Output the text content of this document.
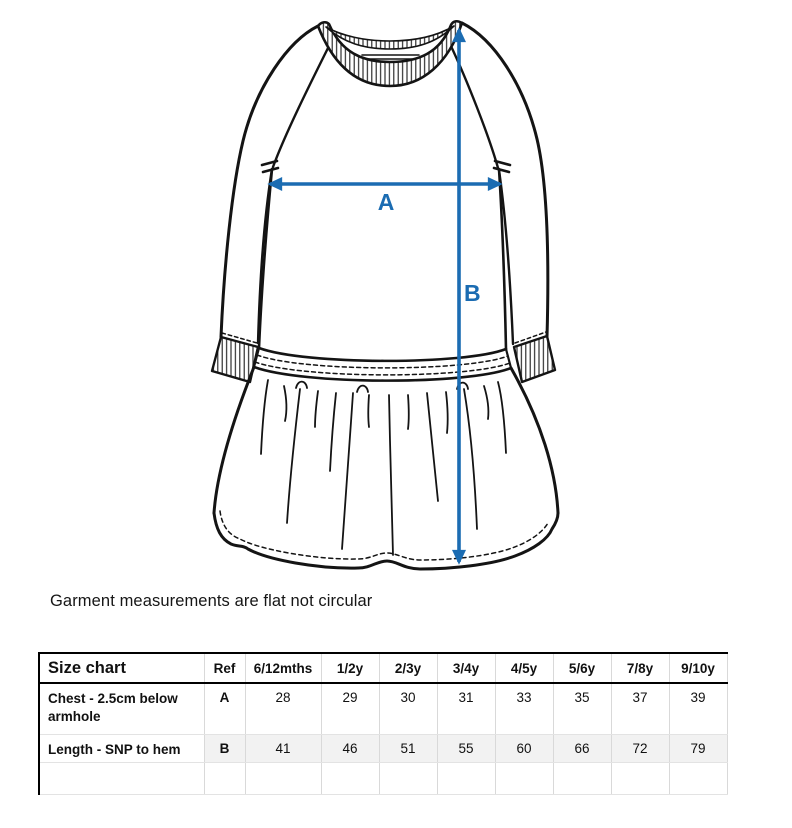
A
B
Garment measurements are flat not circular
Size chart	Ref	6/12mths	1/2y	2/3y	3/4y	4/5y	5/6y	7/8y	9/10y
Chest - 2.5cm below armhole	A	28	29	30	31	33	35	37	39
Length - SNP to hem	B	41	46	51	55	60	66	72	79
